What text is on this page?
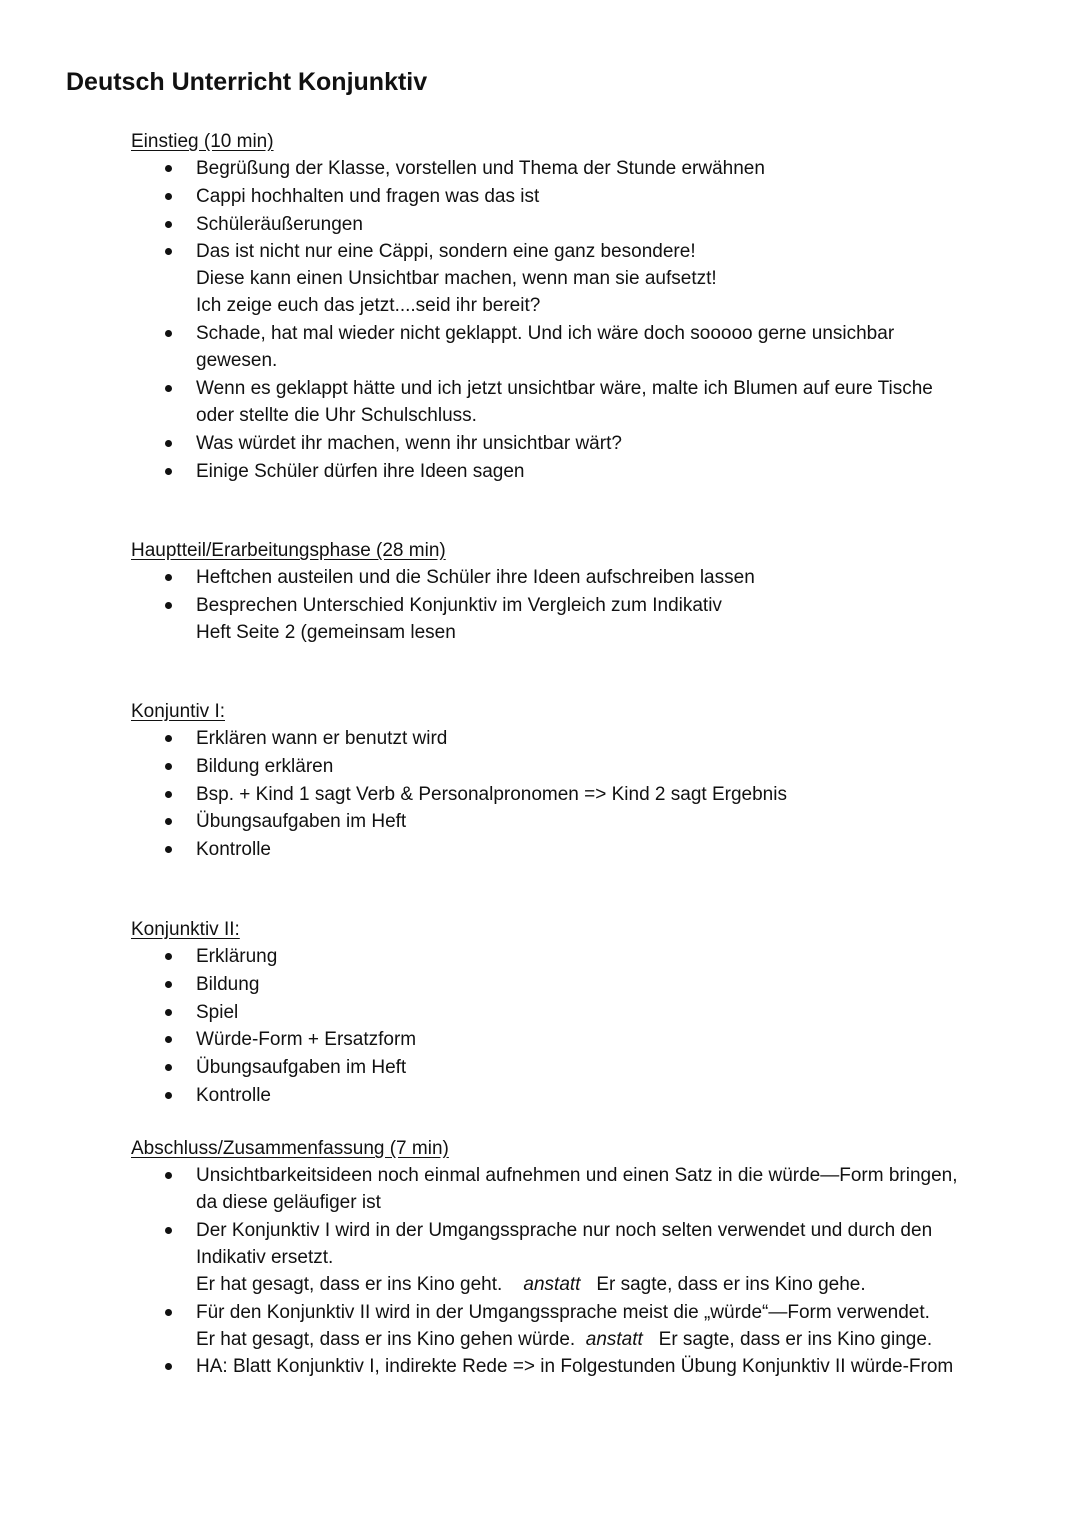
Deutsch Unterricht Konjunktiv
Einstieg (10 min)
Begrüßung der Klasse, vorstellen und Thema der Stunde erwähnen
Cappi hochhalten und fragen was das ist
Schüleräußerungen
Das ist nicht nur eine Cäppi, sondern eine ganz besondere!
Diese kann einen Unsichtbar machen, wenn man sie aufsetzt!
Ich zeige euch das jetzt....seid ihr bereit?
Schade, hat mal wieder nicht geklappt. Und ich wäre doch sooooo gerne unsichbar
gewesen.
Wenn es geklappt hätte und ich jetzt unsichtbar wäre, malte ich Blumen auf eure Tische
oder stellte die Uhr Schulschluss.
Was würdet ihr machen, wenn ihr unsichtbar wärt?
Einige Schüler dürfen ihre Ideen sagen
Hauptteil/Erarbeitungsphase (28 min)
Heftchen austeilen und die Schüler ihre Ideen aufschreiben lassen
Besprechen Unterschied Konjunktiv im Vergleich zum Indikativ
Heft Seite 2 (gemeinsam lesen
Konjuntiv I:
Erklären wann er benutzt wird
Bildung erklären
Bsp. + Kind 1 sagt Verb & Personalpronomen => Kind 2 sagt Ergebnis
Übungsaufgaben im Heft
Kontrolle
Konjunktiv II:
Erklärung
Bildung
Spiel
Würde-Form + Ersatzform
Übungsaufgaben im Heft
Kontrolle
Abschluss/Zusammenfassung (7 min)
Unsichtbarkeitsideen noch einmal aufnehmen und einen Satz in die würde—Form bringen,
da diese geläufiger ist
Der Konjunktiv I wird in der Umgangssprache nur noch selten verwendet und durch den
Indikativ ersetzt.
Er hat gesagt, dass er ins Kino geht. anstatt Er sagte, dass er ins Kino gehe.
Für den Konjunktiv II wird in der Umgangssprache meist die „würde“—Form verwendet.
Er hat gesagt, dass er ins Kino gehen würde. anstatt Er sagte, dass er ins Kino ginge.
HA: Blatt Konjunktiv I, indirekte Rede => in Folgestunden Übung Konjunktiv II würde-From
